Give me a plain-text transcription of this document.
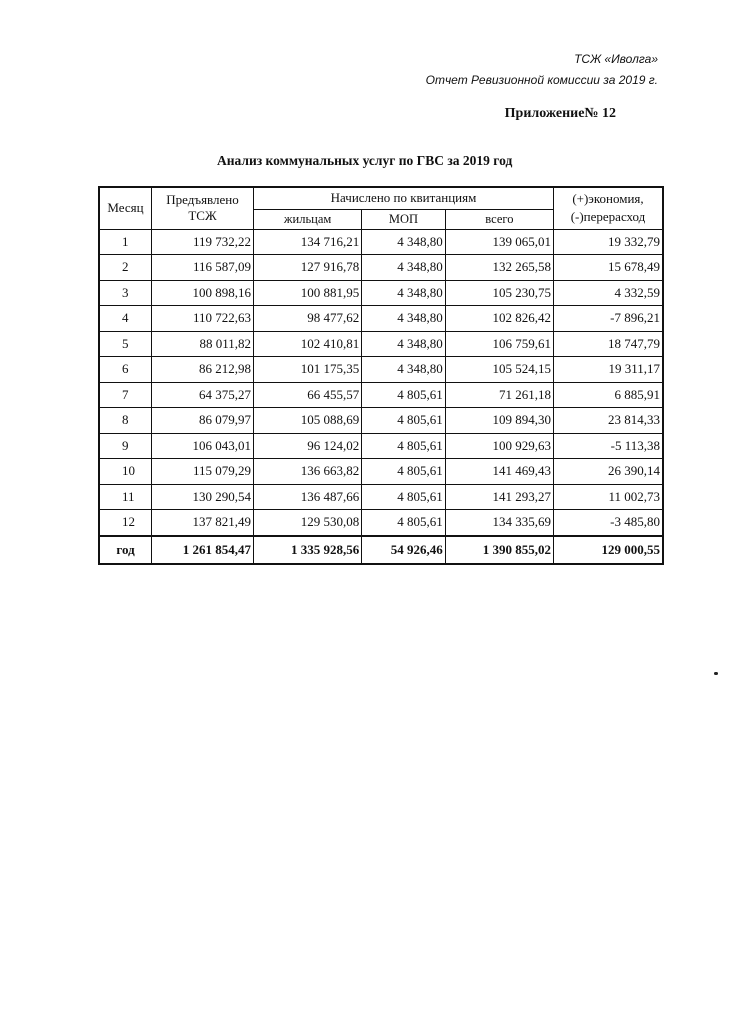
ТСЖ «Иволга»
Отчет Ревизионной комиссии за 2019 г.
Приложение№ 12
Анализ коммунальных услуг по ГВС за 2019 год
Месяц	Предъявлено ТСЖ	Начислено по квитанциям			(+)экономия,
(-)перерасход
		жильцам	МОП	всего	
1	119 732,22	134 716,21	4 348,80	139 065,01	19 332,79
2	116 587,09	127 916,78	4 348,80	132 265,58	15 678,49
3	100 898,16	100 881,95	4 348,80	105 230,75	4 332,59
4	110 722,63	98 477,62	4 348,80	102 826,42	-7 896,21
5	88 011,82	102 410,81	4 348,80	106 759,61	18 747,79
6	86 212,98	101 175,35	4 348,80	105 524,15	19 311,17
7	64 375,27	66 455,57	4 805,61	71 261,18	6 885,91
8	86 079,97	105 088,69	4 805,61	109 894,30	23 814,33
9	106 043,01	96 124,02	4 805,61	100 929,63	-5 113,38
10	115 079,29	136 663,82	4 805,61	141 469,43	26 390,14
11	130 290,54	136 487,66	4 805,61	141 293,27	11 002,73
12	137 821,49	129 530,08	4 805,61	134 335,69	-3 485,80
год	1 261 854,47	1 335 928,56	54 926,46	1 390 855,02	129 000,55
